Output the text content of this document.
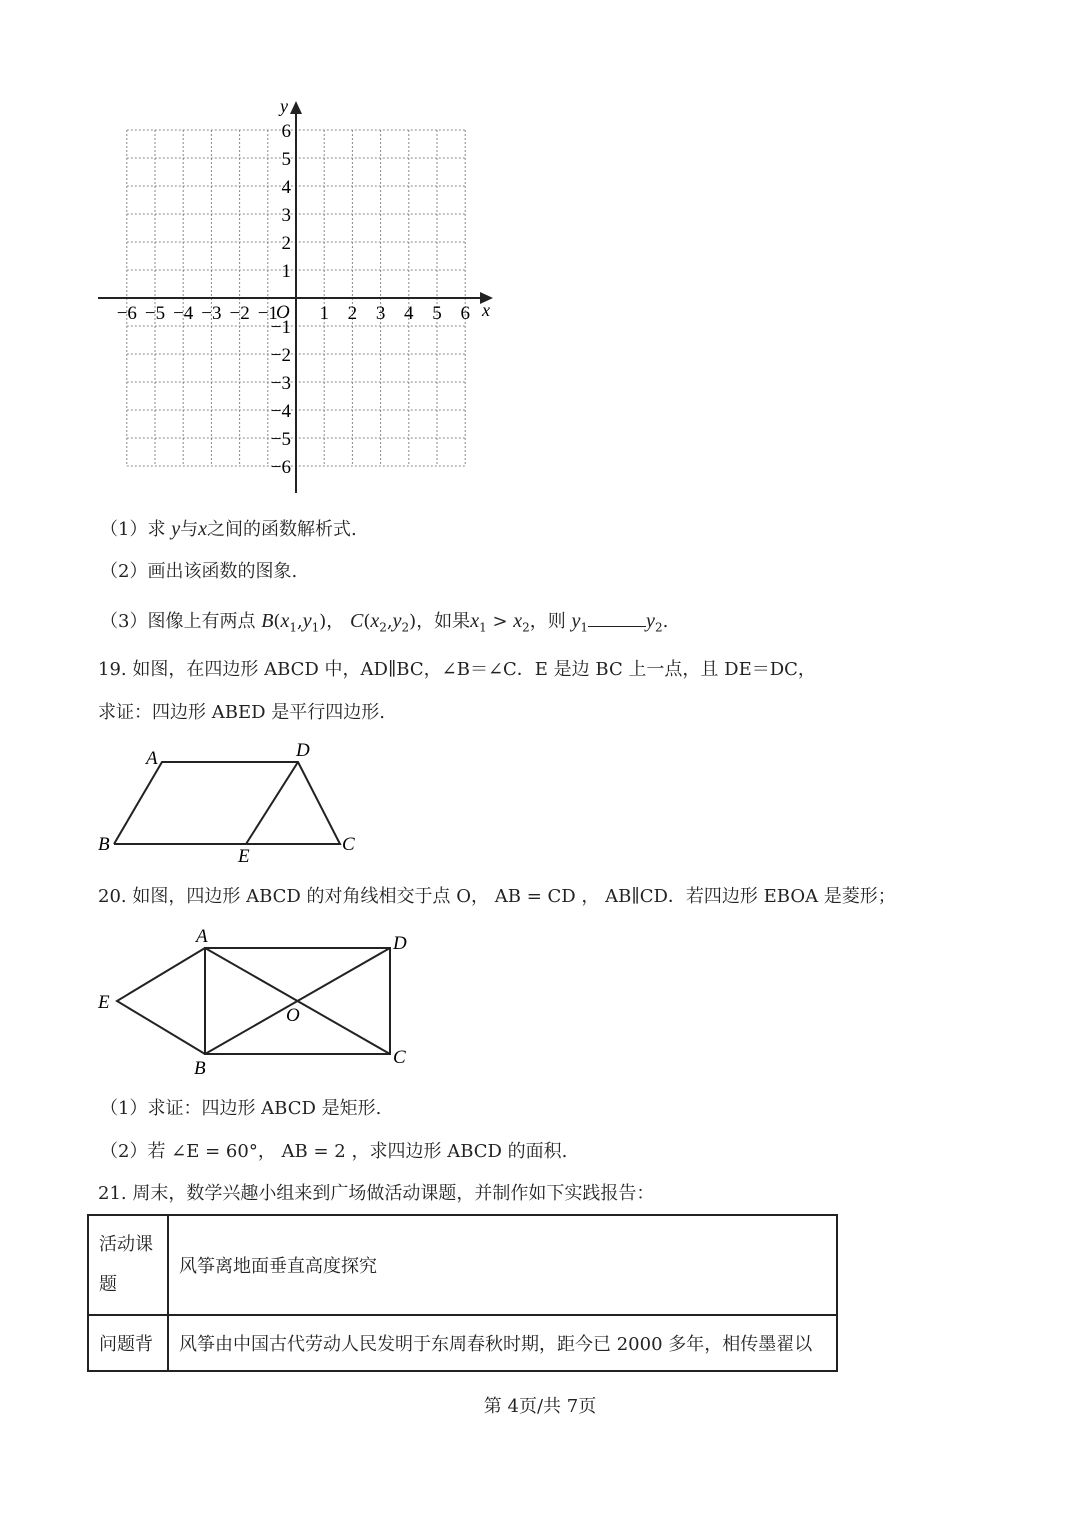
x
y
O
−6 −5 −4 −3 −2 −1 1 2 3 4 5 6
6
5
4
3
2
1
−1
−2
−3
−4
−5
−6
（1）求 y与x之间的函数解析式.
（2）画出该函数的图象.
（3）图像上有两点 $B(x_1,y_1)$， $C(x_2,y_2)$，如果$x_1 > x_2$，则 $y_1$	$y_2$.
19. 如图，在四边形 ABCD 中，AD∥BC，∠B＝∠C．E 是边 BC 上一点，且 DE＝DC，
求证：四边形 ABED 是平行四边形.
A	D
B
E
C
20. 如图，四边形 ABCD 的对角线相交于点 O， AB = CD ， AB∥CD．若四边形 EBOA 是菱形；
A	D
E
O
B
C
（1）求证：四边形 ABCD 是矩形.
（2）若 ∠E = 60°， AB = 2 ，求四边形 ABCD 的面积.
21. 周末，数学兴趣小组来到广场做活动课题，并制作如下实践报告：
活动课题	风筝离地面垂直高度探究
问题背	风筝由中国古代劳动人民发明于东周春秋时期，距今已 2000 多年，相传墨翟以
第 4页/共 7页
